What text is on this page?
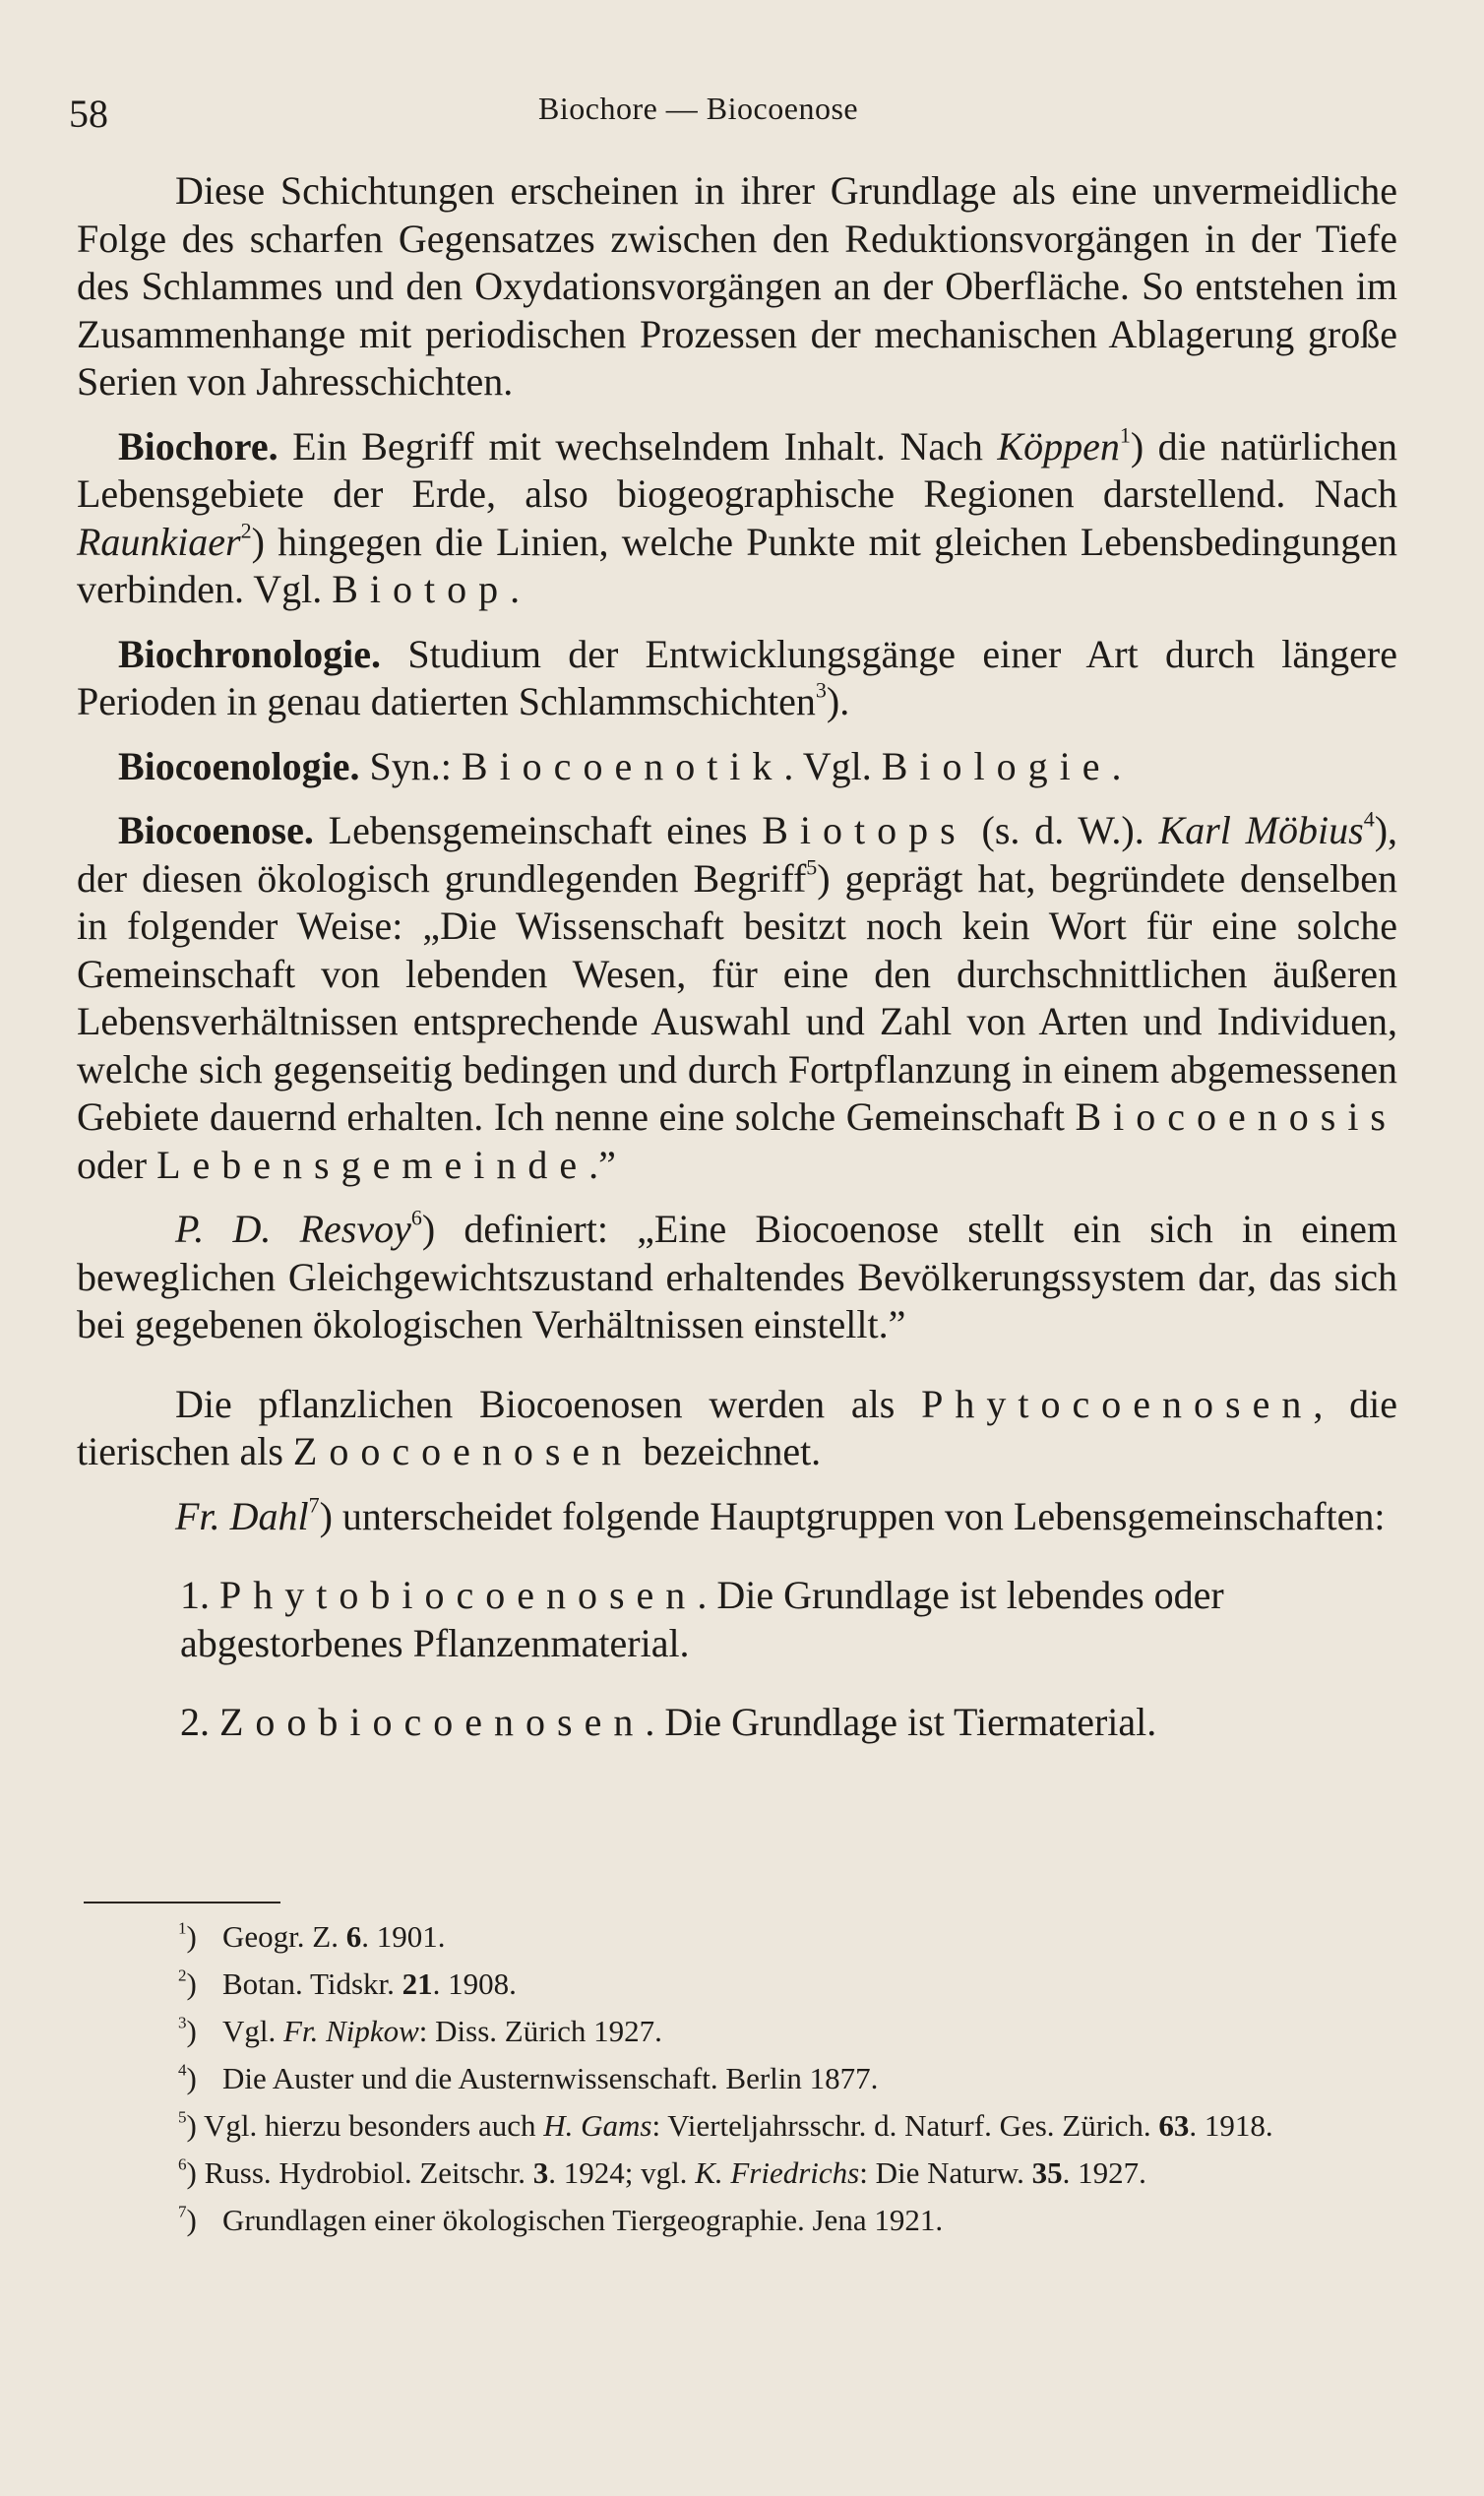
58	Biochore — Biocoenose

Diese Schichtungen erscheinen in ihrer Grundlage als eine unvermeidliche Folge des scharfen Gegensatzes zwischen den Reduktionsvorgängen in der Tiefe des Schlammes und den Oxydationsvorgängen an der Oberfläche. So entstehen im Zusammenhange mit periodischen Prozessen der mechanischen Ablagerung große Serien von Jahresschichten.

Biochore. Ein Begriff mit wechselndem Inhalt. Nach Köppen$^1$) die natürlichen Lebensgebiete der Erde, also biogeographische Regionen darstellend. Nach Raunkiaer$^2$) hingegen die Linien, welche Punkte mit gleichen Lebensbedingungen verbinden. Vgl. Biotop.

Biochronologie. Studium der Entwicklungsgänge einer Art durch längere Perioden in genau datierten Schlammschichten$^3$).

Biocoenologie. Syn.: Biocoenotik. Vgl. Biologie.

Biocoenose. Lebensgemeinschaft eines Biotops (s. d. W.). Karl Möbius$^4$), der diesen ökologisch grundlegenden Begriff$^5$) geprägt hat, begründete denselben in folgender Weise: „Die Wissenschaft besitzt noch kein Wort für eine solche Gemeinschaft von lebenden Wesen, für eine den durchschnittlichen äußeren Lebensverhältnissen entsprechende Auswahl und Zahl von Arten und Individuen, welche sich gegenseitig bedingen und durch Fortpflanzung in einem abgemessenen Gebiete dauernd erhalten. Ich nenne eine solche Gemeinschaft Biocoenosis oder Lebensgemeinde.”

P. D. Resvoy$^6$) definiert: „Eine Biocoenose stellt ein sich in einem beweglichen Gleichgewichtszustand erhaltendes Bevölkerungssystem dar, das sich bei gegebenen ökologischen Verhältnissen einstellt.”

Die pflanzlichen Biocoenosen werden als Phytocoenosen, die tierischen als Zoocoenosen bezeichnet.

Fr. Dahl$^7$) unterscheidet folgende Hauptgruppen von Lebensgemeinschaften:

1. Phytobiocoenosen. Die Grundlage ist lebendes oder abgestorbenes Pflanzenmaterial.

2. Zoobiocoenosen. Die Grundlage ist Tiermaterial.

$^1$) Geogr. Z. 6. 1901.

$^2$) Botan. Tidskr. 21. 1908.

$^3$) Vgl. Fr. Nipkow: Diss. Zürich 1927.

$^4$) Die Auster und die Austernwissenschaft. Berlin 1877.

$^5$) Vgl. hierzu besonders auch H. Gams: Vierteljahrsschr. d. Naturf. Ges. Zürich. 63. 1918.

$^6$) Russ. Hydrobiol. Zeitschr. 3. 1924; vgl. K. Friedrichs: Die Naturw. 35. 1927.

$^7$) Grundlagen einer ökologischen Tiergeographie. Jena 1921.
